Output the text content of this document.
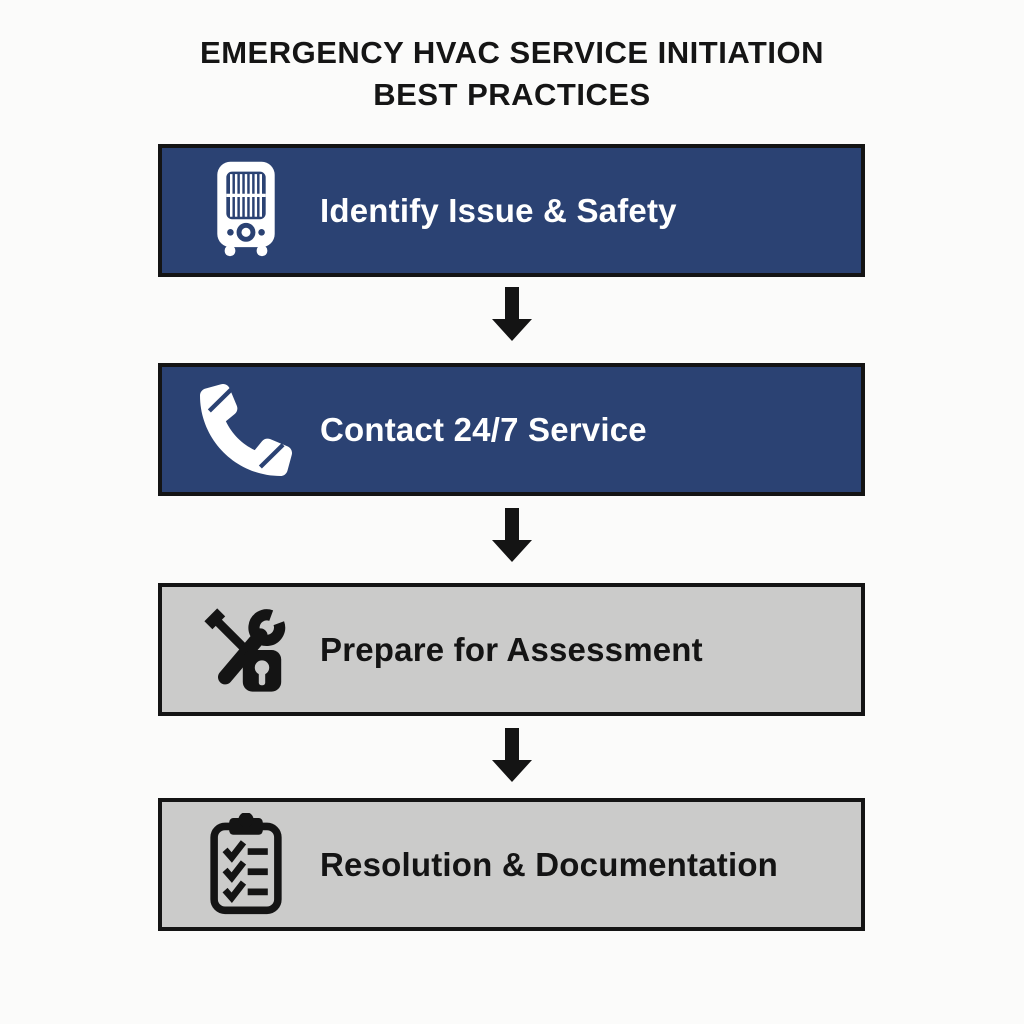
EMERGENCY HVAC SERVICE INITIATION
BEST PRACTICES
Identify Issue & Safety
Contact 24/7 Service
Prepare for Assessment
Resolution & Documentation
